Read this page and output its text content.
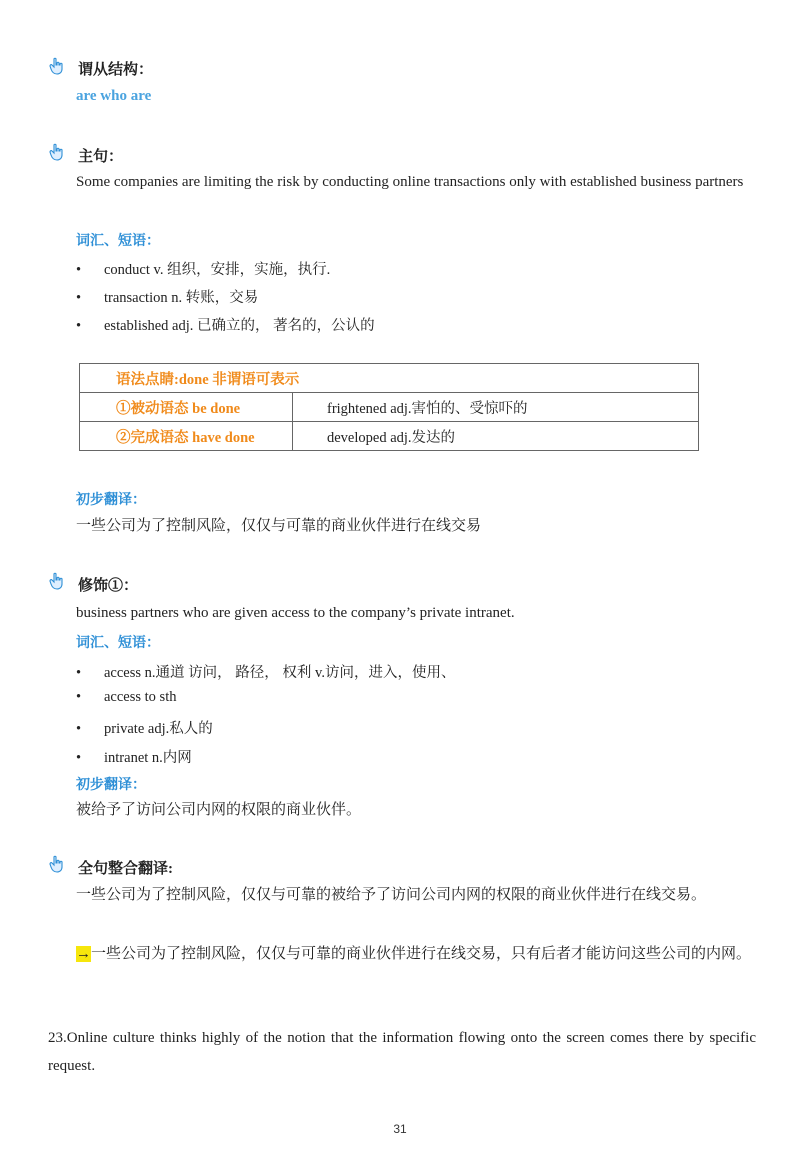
谓从结构：
are who are
主句：
Some companies are limiting the risk by conducting online transactions only with established business partners
词汇、短语：
• conduct v. 组织，安排，实施，执行.
• transaction n. 转账，交易
• established adj. 已确立的， 著名的，公认的
语法点睛:done 非谓语可表示	
①被动语态 be done	frightened adj.害怕的、受惊吓的
②完成语态 have done	developed adj.发达的
初步翻译：
一些公司为了控制风险，仅仅与可靠的商业伙伴进行在线交易
修饰①：
business partners who are given access to the company’s private intranet.
词汇、短语：
• access n.通道 访问， 路径， 权利 v.访问，进入，使用、
• access to sth
• private adj.私人的
• intranet n.内网
初步翻译：
被给予了访问公司内网的权限的商业伙伴。
全句整合翻译:
一些公司为了控制风险，仅仅与可靠的被给予了访问公司内网的权限的商业伙伴进行在线交易。
→一些公司为了控制风险，仅仅与可靠的商业伙伴进行在线交易，只有后者才能访问这些公司的内网。
23.Online culture thinks highly of the notion that the information flowing onto the screen comes there by specific request.
31
